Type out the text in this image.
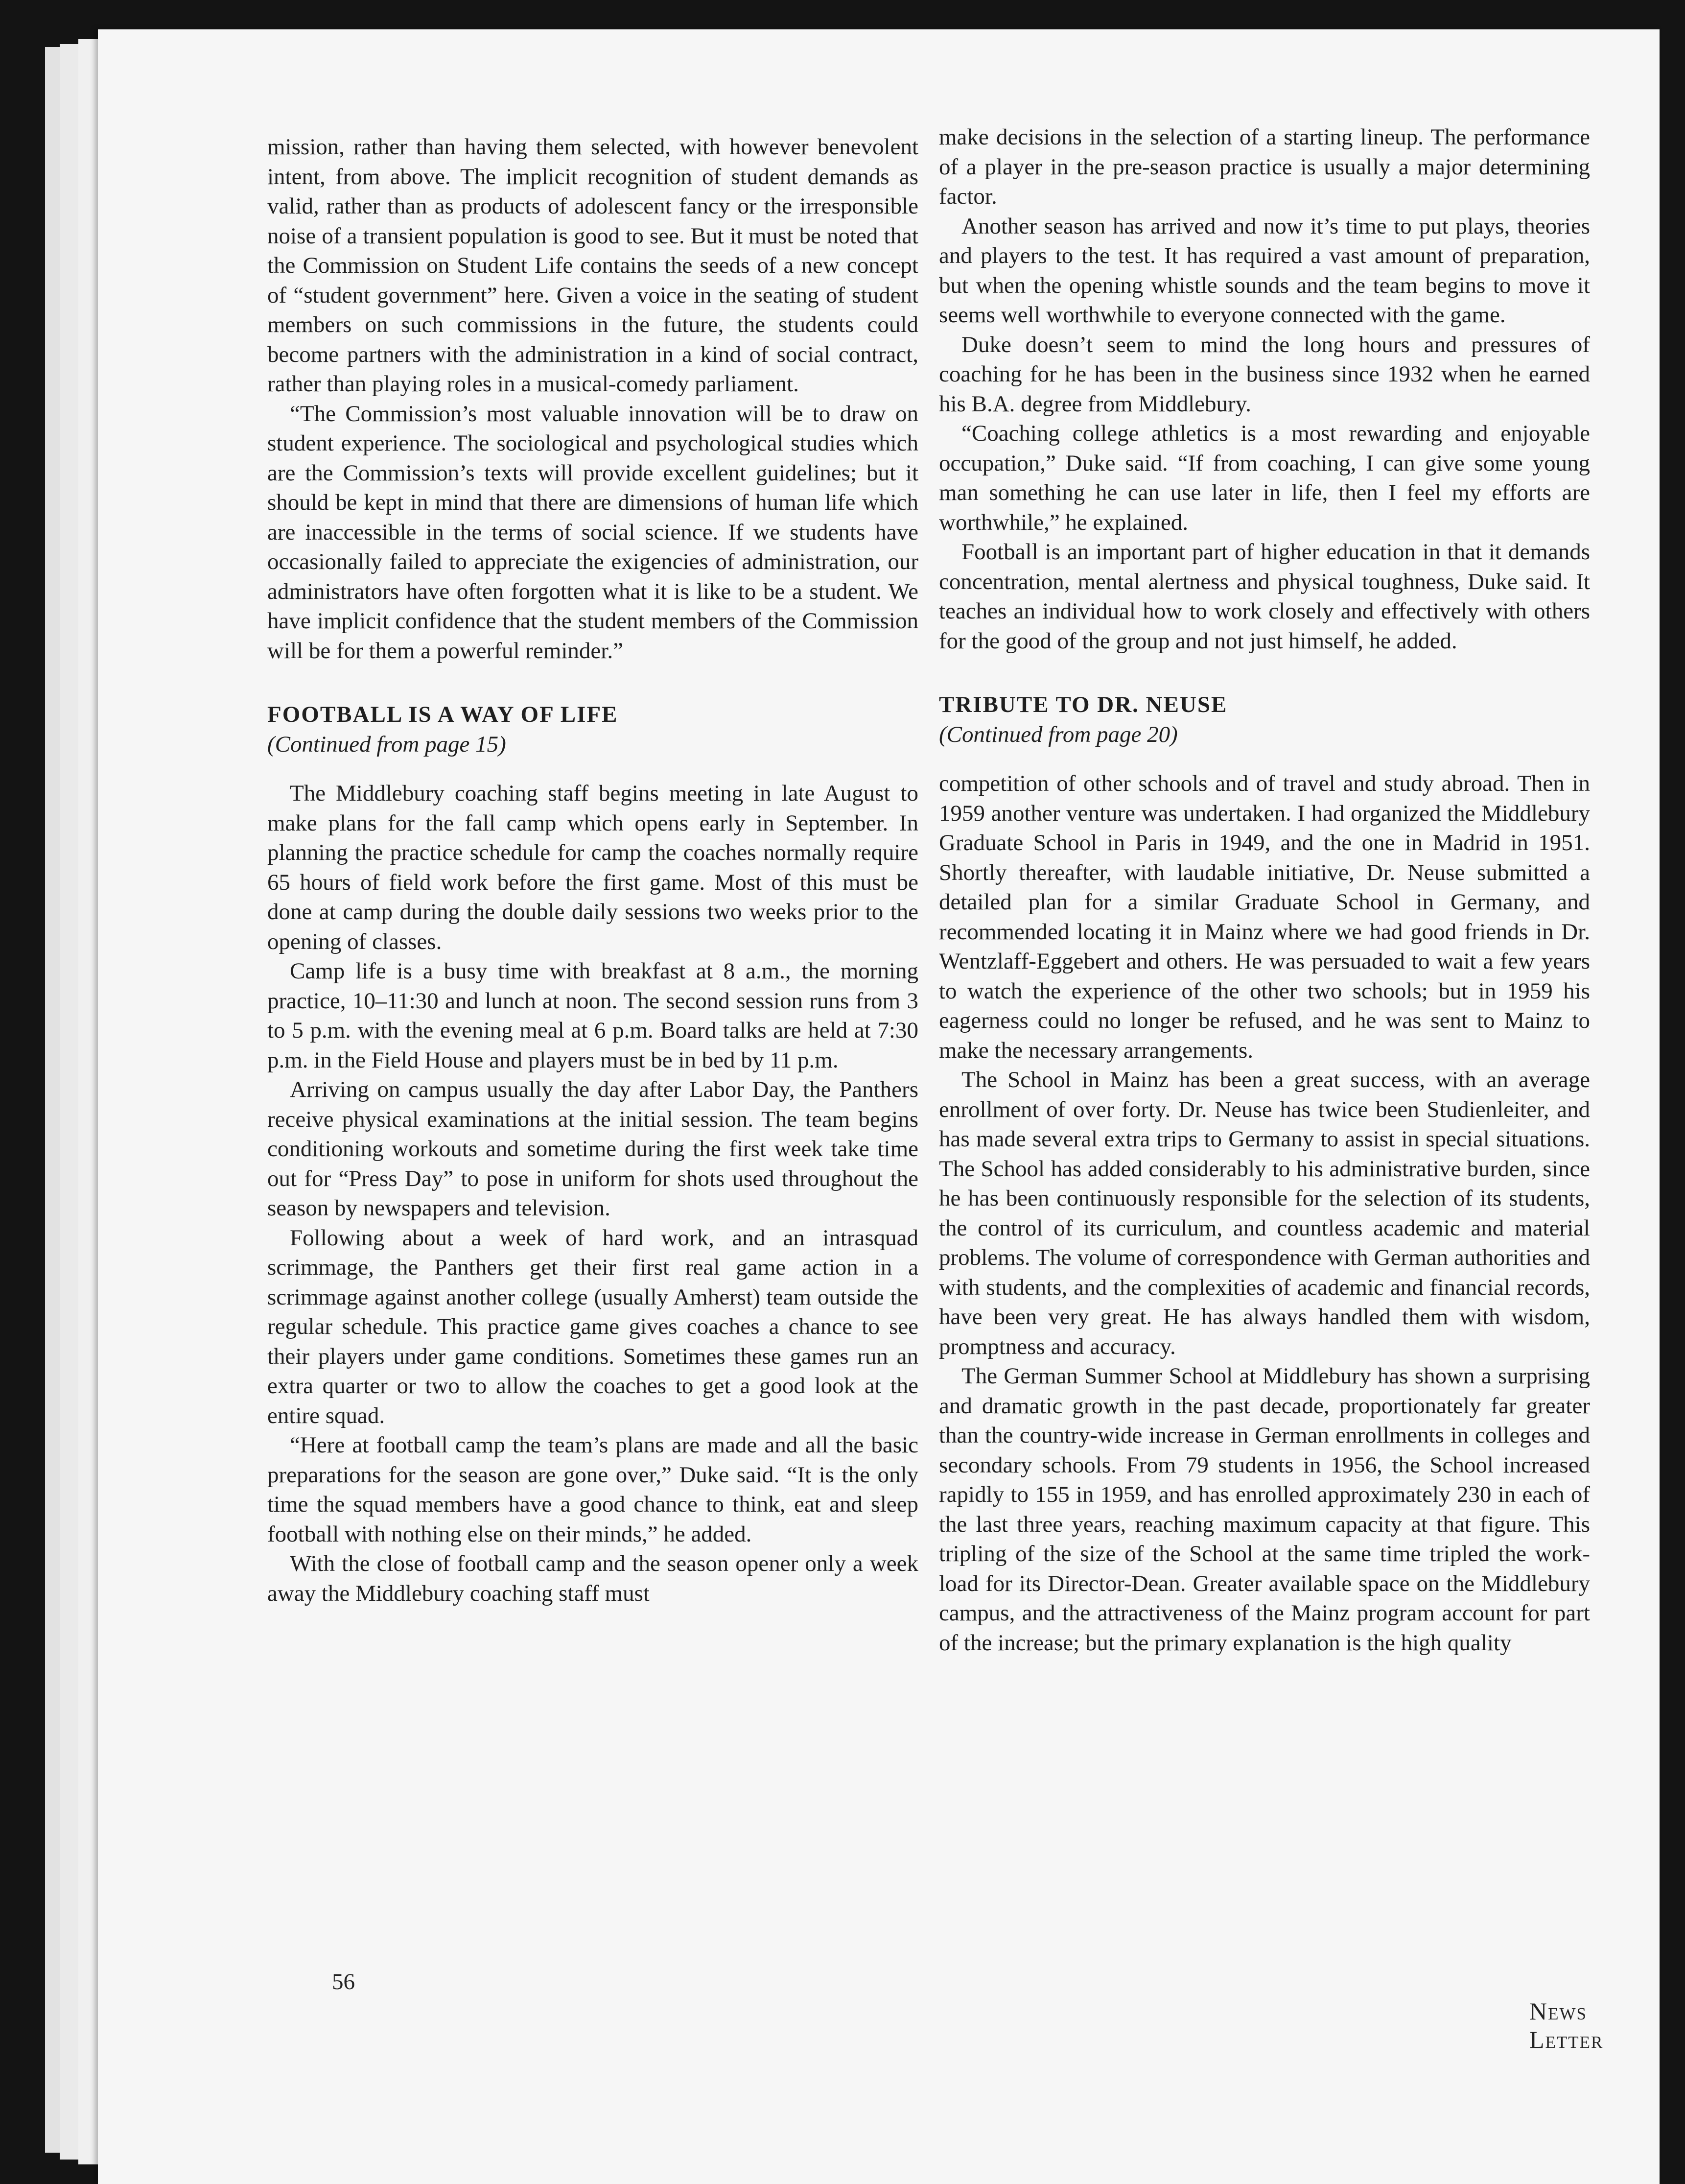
mission, rather than having them selected, with however benevolent intent, from above. The implicit recognition of student demands as valid, rather than as products of adolescent fancy or the irresponsible noise of a transient population is good to see. But it must be noted that the Commission on Student Life contains the seeds of a new concept of “student government” here. Given a voice in the seating of student members on such commissions in the future, the students could become partners with the administration in a kind of social contract, rather than playing roles in a musical-comedy parliament.

“The Commission’s most valuable innovation will be to draw on student experience. The sociological and psychological studies which are the Commission’s texts will provide excellent guidelines; but it should be kept in mind that there are dimensions of human life which are inaccessible in the terms of social science. If we students have occasionally failed to appreciate the exigencies of administration, our administrators have often forgotten what it is like to be a student. We have implicit confidence that the student members of the Commission will be for them a powerful reminder.”

FOOTBALL IS A WAY OF LIFE

(Continued from page 15)

The Middlebury coaching staff begins meeting in late August to make plans for the fall camp which opens early in September. In planning the practice schedule for camp the coaches normally require 65 hours of field work before the first game. Most of this must be done at camp during the double daily sessions two weeks prior to the opening of classes.

Camp life is a busy time with breakfast at 8 a.m., the morning practice, 10–11:30 and lunch at noon. The second session runs from 3 to 5 p.m. with the evening meal at 6 p.m. Board talks are held at 7:30 p.m. in the Field House and players must be in bed by 11 p.m.

Arriving on campus usually the day after Labor Day, the Panthers receive physical examinations at the initial session. The team begins conditioning workouts and sometime during the first week take time out for “Press Day” to pose in uniform for shots used throughout the season by newspapers and television.

Following about a week of hard work, and an intrasquad scrimmage, the Panthers get their first real game action in a scrimmage against another college (usually Amherst) team outside the regular schedule. This practice game gives coaches a chance to see their players under game conditions. Sometimes these games run an extra quarter or two to allow the coaches to get a good look at the entire squad.

“Here at football camp the team’s plans are made and all the basic preparations for the season are gone over,” Duke said. “It is the only time the squad members have a good chance to think, eat and sleep football with nothing else on their minds,” he added.

With the close of football camp and the season opener only a week away the Middlebury coaching staff must

make decisions in the selection of a starting lineup. The performance of a player in the pre-season practice is usually a major determining factor.

Another season has arrived and now it’s time to put plays, theories and players to the test. It has required a vast amount of preparation, but when the opening whistle sounds and the team begins to move it seems well worthwhile to everyone connected with the game.

Duke doesn’t seem to mind the long hours and pressures of coaching for he has been in the business since 1932 when he earned his B.A. degree from Middlebury.

“Coaching college athletics is a most rewarding and enjoyable occupation,” Duke said. “If from coaching, I can give some young man something he can use later in life, then I feel my efforts are worthwhile,” he explained.

Football is an important part of higher education in that it demands concentration, mental alertness and physical toughness, Duke said. It teaches an individual how to work closely and effectively with others for the good of the group and not just himself, he added.

TRIBUTE TO DR. NEUSE

(Continued from page 20)

competition of other schools and of travel and study abroad. Then in 1959 another venture was undertaken. I had organized the Middlebury Graduate School in Paris in 1949, and the one in Madrid in 1951. Shortly thereafter, with laudable initiative, Dr. Neuse submitted a detailed plan for a similar Graduate School in Germany, and recommended locating it in Mainz where we had good friends in Dr. Wentzlaff-Eggebert and others. He was persuaded to wait a few years to watch the experience of the other two schools; but in 1959 his eagerness could no longer be refused, and he was sent to Mainz to make the necessary arrangements.

The School in Mainz has been a great success, with an average enrollment of over forty. Dr. Neuse has twice been Studienleiter, and has made several extra trips to Germany to assist in special situations. The School has added considerably to his administrative burden, since he has been continuously responsible for the selection of its students, the control of its curriculum, and countless academic and material problems. The volume of correspondence with German authorities and with students, and the complexities of academic and financial records, have been very great. He has always handled them with wisdom, promptness and accuracy.

The German Summer School at Middlebury has shown a surprising and dramatic growth in the past decade, proportionately far greater than the country-wide increase in German enrollments in colleges and secondary schools. From 79 students in 1956, the School increased rapidly to 155 in 1959, and has enrolled approximately 230 in each of the last three years, reaching maximum capacity at that figure. This tripling of the size of the School at the same time tripled the work-load for its Director-Dean. Greater available space on the Middlebury campus, and the attractiveness of the Mainz program account for part of the increase; but the primary explanation is the high quality

56
News Letter
